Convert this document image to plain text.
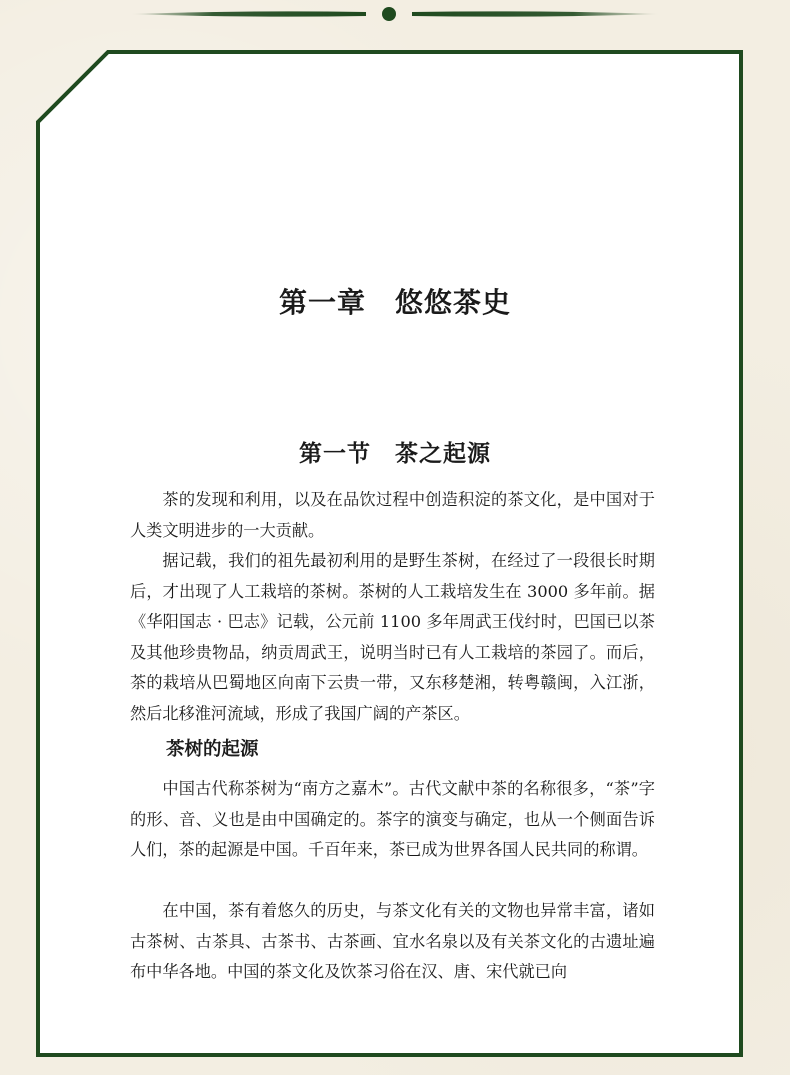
第一章　悠悠茶史
第一节　茶之起源

茶的发现和利用，以及在品饮过程中创造积淀的茶文化，是中国对于人类文明进步的一大贡献。

据记载，我们的祖先最初利用的是野生茶树，在经过了一段很长时期后，才出现了人工栽培的茶树。茶树的人工栽培发生在 3000 多年前。据《华阳国志 · 巴志》记载，公元前 1100 多年周武王伐纣时，巴国已以茶及其他珍贵物品，纳贡周武王，说明当时已有人工栽培的茶园了。而后，茶的栽培从巴蜀地区向南下云贵一带，又东移楚湘，转粤赣闽，入江浙，然后北移淮河流域，形成了我国广阔的产茶区。

茶树的起源

中国古代称茶树为“南方之嘉木”。古代文献中茶的名称很多，“茶”字的形、音、义也是由中国确定的。茶字的演变与确定，也从一个侧面告诉人们，茶的起源是中国。千百年来，茶已成为世界各国人民共同的称谓。

在中国，茶有着悠久的历史，与茶文化有关的文物也异常丰富，诸如古茶树、古茶具、古茶书、古茶画、宜水名泉以及有关茶文化的古遗址遍布中华各地。中国的茶文化及饮茶习俗在汉、唐、宋代就已向
